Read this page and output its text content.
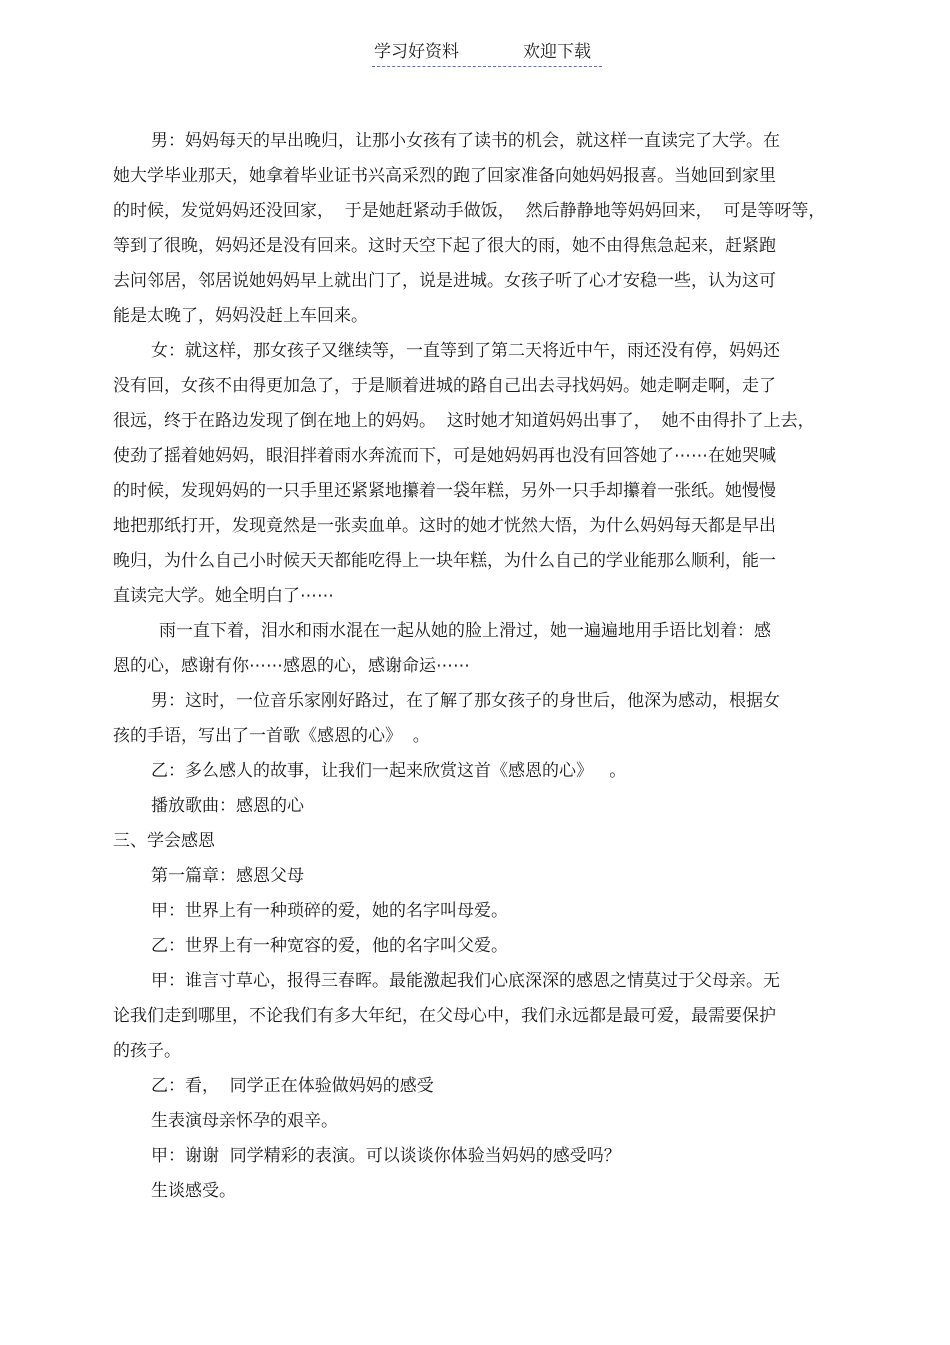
学习好资料	欢迎下载
男：妈妈每天的早出晚归，让那小女孩有了读书的机会，就这样一直读完了大学。在
她大学毕业那天，她拿着毕业证书兴高采烈的跑了回家准备向她妈妈报喜。当她回到家里
的时候，发觉妈妈还没回家，  于是她赶紧动手做饭，  然后静静地等妈妈回来，  可是等呀等，
等到了很晚，妈妈还是没有回来。这时天空下起了很大的雨，她不由得焦急起来，赶紧跑
去问邻居，邻居说她妈妈早上就出门了，说是进城。女孩子听了心才安稳一些，认为这可
能是太晚了，妈妈没赶上车回来。
女：就这样，那女孩子又继续等，一直等到了第二天将近中午，雨还没有停，妈妈还
没有回，女孩不由得更加急了，于是顺着进城的路自己出去寻找妈妈。她走啊走啊，走了
很远，终于在路边发现了倒在地上的妈妈。  这时她才知道妈妈出事了，  她不由得扑了上去，
使劲了摇着她妈妈，眼泪拌着雨水奔流而下，可是她妈妈再也没有回答她了⋯⋯在她哭喊
的时候，发现妈妈的一只手里还紧紧地攥着一袋年糕，另外一只手却攥着一张纸。她慢慢
地把那纸打开，发现竟然是一张卖血单。这时的她才恍然大悟，为什么妈妈每天都是早出
晚归，为什么自己小时候天天都能吃得上一块年糕，为什么自己的学业能那么顺利，能一
直读完大学。她全明白了⋯⋯
雨一直下着，泪水和雨水混在一起从她的脸上滑过，她一遍遍地用手语比划着：感
恩的心，感谢有你⋯⋯感恩的心，感谢命运⋯⋯
男：这时，一位音乐家刚好路过，在了解了那女孩子的身世后，他深为感动，根据女
孩的手语，写出了一首歌《感恩的心》  。
乙：多么感人的故事，让我们一起来欣赏这首《感恩的心》   。
播放歌曲：感恩的心
三、学会感恩
第一篇章：感恩父母
甲：世界上有一种琐碎的爱，她的名字叫母爱。
乙：世界上有一种宽容的爱，他的名字叫父爱。
甲：谁言寸草心，报得三春晖。最能激起我们心底深深的感恩之情莫过于父母亲。无
论我们走到哪里，不论我们有多大年纪，在父母心中，我们永远都是最可爱，最需要保护
的孩子。
乙：看，  同学正在体验做妈妈的感受
生表演母亲怀孕的艰辛。
甲：谢谢  同学精彩的表演。可以谈谈你体验当妈妈的感受吗？
生谈感受。
